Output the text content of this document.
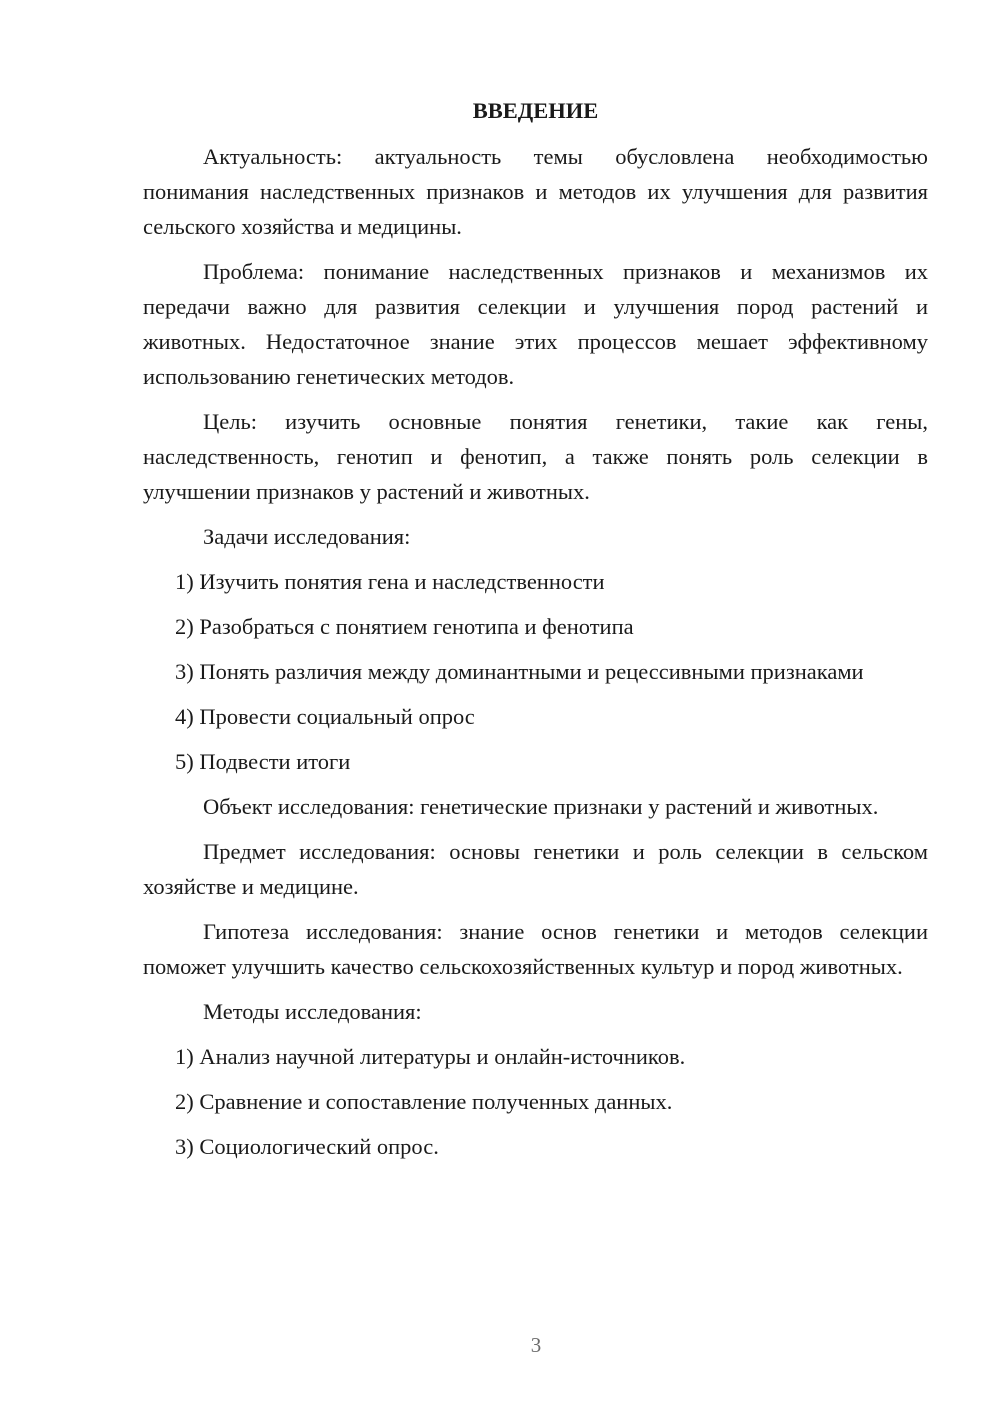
ВВЕДЕНИЕ

Актуальность: актуальность темы обусловлена необходимостью понимания наследственных признаков и методов их улучшения для развития сельского хозяйства и медицины.

Проблема: понимание наследственных признаков и механизмов их передачи важно для развития селекции и улучшения пород растений и животных. Недостаточное знание этих процессов мешает эффективному использованию генетических методов.

Цель: изучить основные понятия генетики, такие как гены, наследственность, генотип и фенотип, а также понять роль селекции в улучшении признаков у растений и животных.

Задачи исследования:

1) Изучить понятия гена и наследственности

2) Разобраться с понятием генотипа и фенотипа

3) Понять различия между доминантными и рецессивными признаками

4) Провести социальный опрос

5) Подвести итоги

Объект исследования: генетические признаки у растений и животных.

Предмет исследования: основы генетики и роль селекции в сельском хозяйстве и медицине.

Гипотеза исследования: знание основ генетики и методов селекции поможет улучшить качество сельскохозяйственных культур и пород животных.

Методы исследования:

1) Анализ научной литературы и онлайн-источников.

2) Сравнение и сопоставление полученных данных.

3) Социологический опрос.

3
